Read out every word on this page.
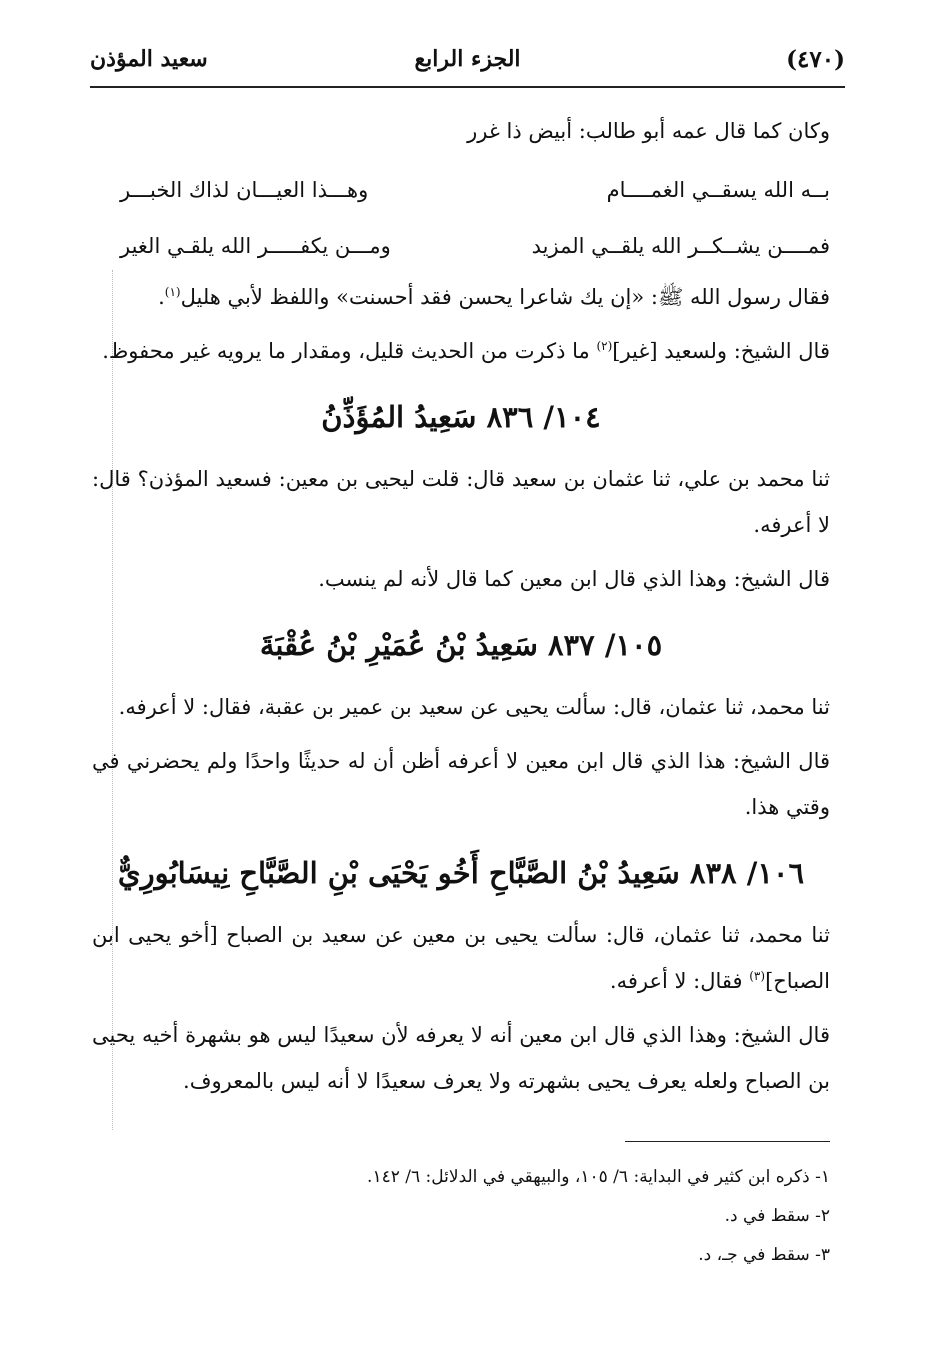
(٤٧٠)
الجزء الرابع
سعيد المؤذن

وكان كما قال عمه أبو طالب: أبيض ذا غرر

بــه الله يسقــي الغمــــام
وهـــذا العيـــان لذاك الخبـــر
فمــــن يشــكــر الله يلقــي المزيد
ومـــن يكفـــــر الله يلقـي الغير

فقال رسول الله ﷺ: «إن يك شاعرا يحسن فقد أحسنت» واللفظ لأبي هليل$^{(١)}$.

قال الشيخ: ولسعيد [غير]$^{(٢)}$ ما ذكرت من الحديث قليل، ومقدار ما يرويه غير محفوظ.

١٠٤/ ٨٣٦ سَعِيدُ المُؤَذِّنُ

ثنا محمد بن علي، ثنا عثمان بن سعيد قال: قلت ليحيى بن معين: فسعيد المؤذن؟ قال: لا أعرفه.

قال الشيخ: وهذا الذي قال ابن معين كما قال لأنه لم ينسب.

١٠٥/ ٨٣٧ سَعِيدُ بْنُ عُمَيْرِ بْنُ عُقْبَةَ

ثنا محمد، ثنا عثمان، قال: سألت يحيى عن سعيد بن عمير بن عقبة، فقال: لا أعرفه.

قال الشيخ: هذا الذي قال ابن معين لا أعرفه أظن أن له حديثًا واحدًا ولم يحضرني في وقتي هذا.

١٠٦/ ٨٣٨ سَعِيدُ بْنُ الصَّبَّاحِ أَخُو يَحْيَى بْنِ الصَّبَّاحِ نِيسَابُورِيٌّ

ثنا محمد، ثنا عثمان، قال: سألت يحيى بن معين عن سعيد بن الصباح [أخو يحيى ابن الصباح]$^{(٣)}$ فقال: لا أعرفه.

قال الشيخ: وهذا الذي قال ابن معين أنه لا يعرفه لأن سعيدًا ليس هو بشهرة أخيه يحيى بن الصباح ولعله يعرف يحيى بشهرته ولا يعرف سعيدًا لا أنه ليس بالمعروف.

١- ذكره ابن كثير في البداية: ٦/ ١٠٥، والبيهقي في الدلائل: ٦/ ١٤٢.
٢- سقط في د.
٣- سقط في جـ، د.
